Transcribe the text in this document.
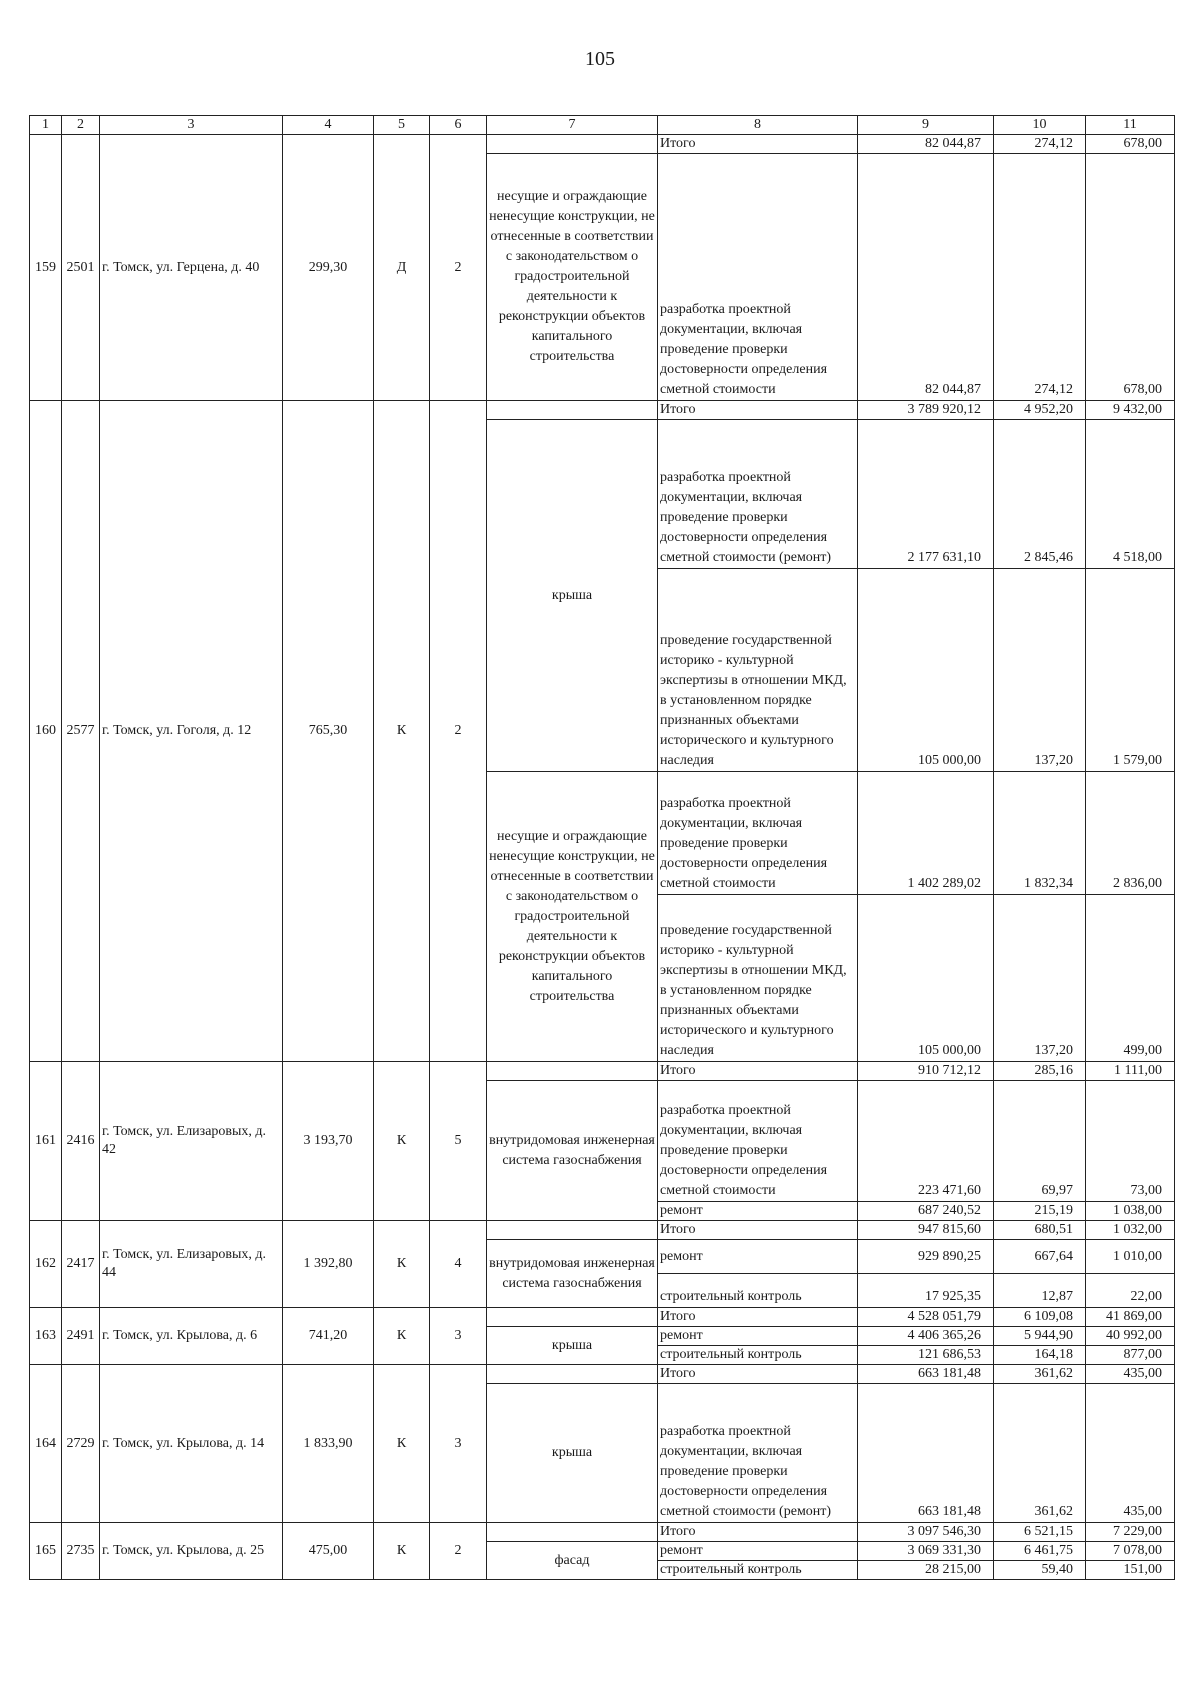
105
1	2	3	4	5	6	7	8	9	10	11
159	2501	г. Томск, ул. Герцена, д. 40	299,30	Д	2		Итого	82 044,87	274,12	678,00
						несущие и ограждающие ненесущие конструкции, не отнесенные в соответствии с законодательством о градостроительной деятельности к реконструкции объектов капитального строительства	разработка проектной документации, включая проведение проверки достоверности определения сметной стоимости	82 044,87	274,12	678,00
160	2577	г. Томск, ул. Гоголя, д. 12	765,30	К	2		Итого	3 789 920,12	4 952,20	9 432,00
						крыша	разработка проектной документации, включая проведение проверки достоверности определения сметной стоимости (ремонт)	2 177 631,10	2 845,46	4 518,00
							проведение государственной историко - культурной экспертизы в отношении МКД, в установленном порядке признанных объектами исторического и культурного наследия	105 000,00	137,20	1 579,00
						несущие и ограждающие ненесущие конструкции, не отнесенные в соответствии с законодательством о градостроительной деятельности к реконструкции объектов капитального строительства	разработка проектной документации, включая проведение проверки достоверности определения сметной стоимости	1 402 289,02	1 832,34	2 836,00
							проведение государственной историко - культурной экспертизы в отношении МКД, в установленном порядке признанных объектами исторического и культурного наследия	105 000,00	137,20	499,00
161	2416	г. Томск, ул. Елизаровых, д. 42	3 193,70	К	5		Итого	910 712,12	285,16	1 111,00
						внутридомовая инженерная система газоснабжения	разработка проектной документации, включая проведение проверки достоверности определения сметной стоимости	223 471,60	69,97	73,00
							ремонт	687 240,52	215,19	1 038,00
162	2417	г. Томск, ул. Елизаровых, д. 44	1 392,80	К	4		Итого	947 815,60	680,51	1 032,00
						внутридомовая инженерная система газоснабжения	ремонт	929 890,25	667,64	1 010,00
							строительный контроль	17 925,35	12,87	22,00
163	2491	г. Томск, ул. Крылова, д. 6	741,20	К	3		Итого	4 528 051,79	6 109,08	41 869,00
						крыша	ремонт	4 406 365,26	5 944,90	40 992,00
							строительный контроль	121 686,53	164,18	877,00
164	2729	г. Томск, ул. Крылова, д. 14	1 833,90	К	3		Итого	663 181,48	361,62	435,00
						крыша	разработка проектной документации, включая проведение проверки достоверности определения сметной стоимости (ремонт)	663 181,48	361,62	435,00
165	2735	г. Томск, ул. Крылова, д. 25	475,00	К	2		Итого	3 097 546,30	6 521,15	7 229,00
						фасад	ремонт	3 069 331,30	6 461,75	7 078,00
							строительный контроль	28 215,00	59,40	151,00
